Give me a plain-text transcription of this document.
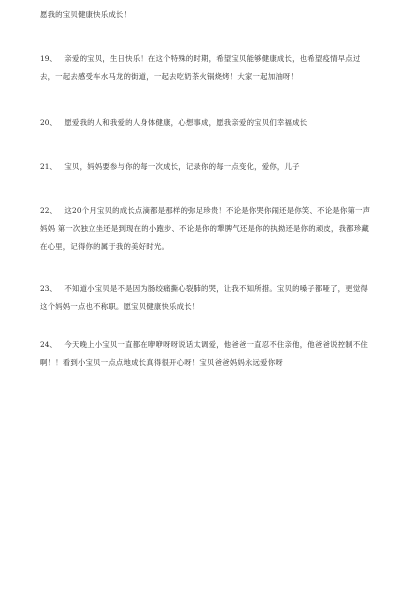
愿我的宝贝健康快乐成长！

19、  亲爱的宝贝，生日快乐！在这个特殊的时期，希望宝贝能够健康成长，也希望疫情早点过去，一起去感受车水马龙的街道，一起去吃奶茶火锅烧烤！大家一起加油呀！

20、  愿爱我的人和我爱的人身体健康，心想事成，愿我亲爱的宝贝们幸福成长

21、  宝贝，妈妈要参与你的每一次成长，记录你的每一点变化，爱你，儿子

22、  这20个月宝贝的成长点滴都是那样的弥足珍贵！不论是你哭你闹还是你笑、不论是你第一声妈妈 第一次独立坐还是到现在的小跑步、不论是你的犟脾气还是你的执拗还是你的顽皮，我都珍藏在心里，记得你的属于我的美好时光。

23、  不知道小宝贝是不是因为肠绞痛撕心裂肺的哭，让我不知所措。宝贝的嗓子都哑了，更觉得这个妈妈一点也不称职。愿宝贝健康快乐成长！

24、  今天晚上小宝贝一直都在咿咿呀呀说话太调爱，他爸爸一直忍不住亲他，他爸爸说控制不住啊！！看到小宝贝一点点地成长真得很开心呀！宝贝爸爸妈妈永远爱你呀
